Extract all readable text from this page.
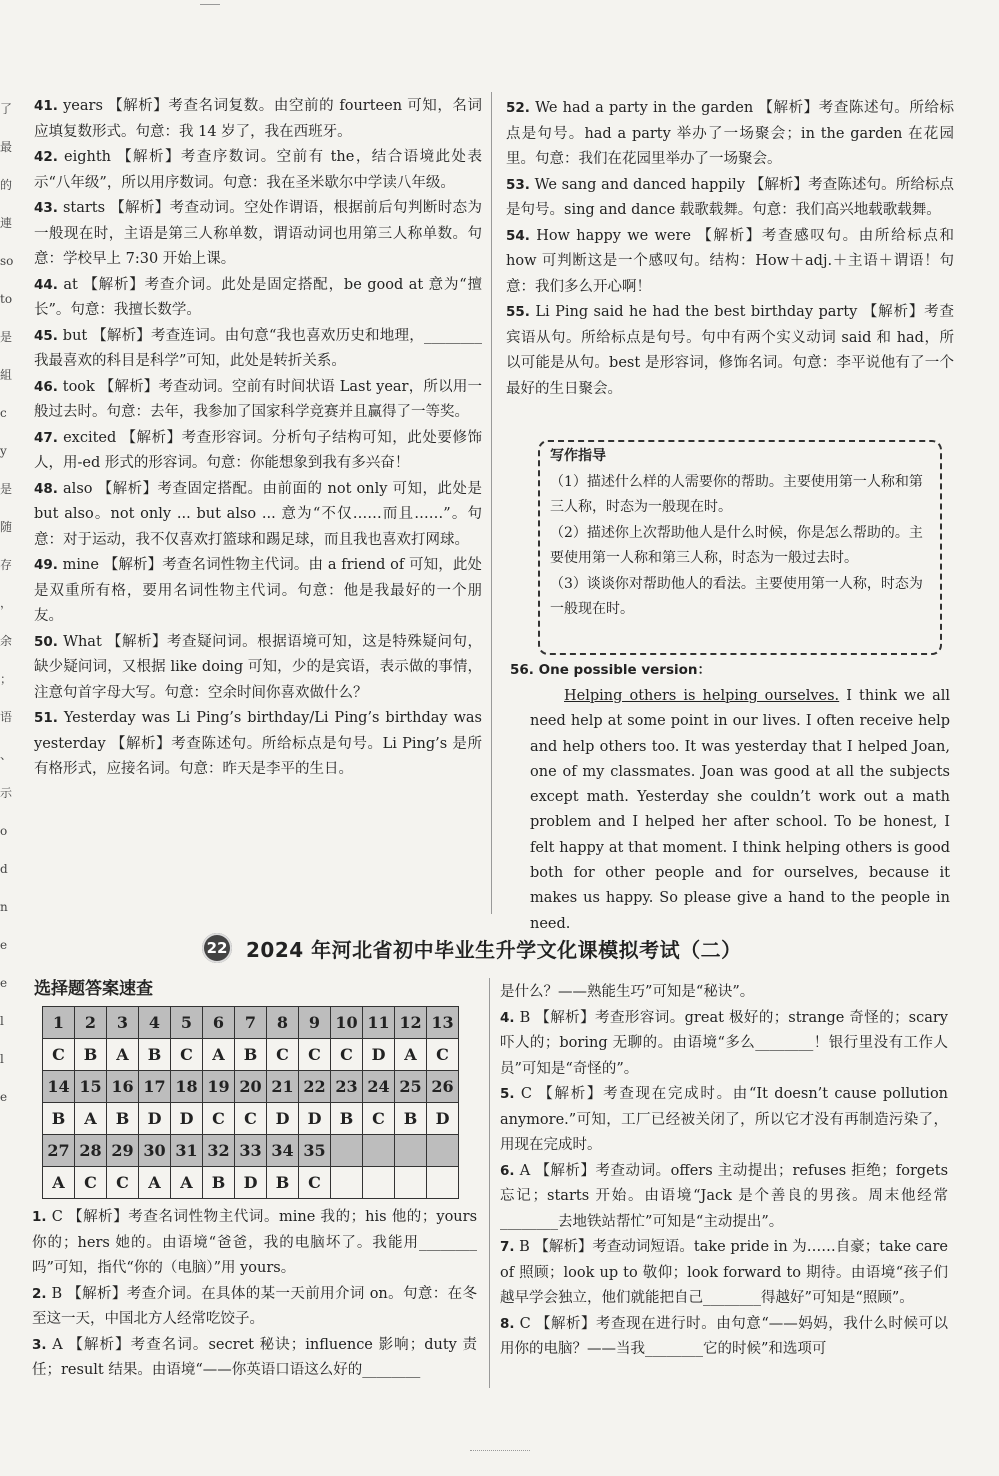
了
最
的
連
so
to
是
組
c
y
是
随
存
，
余
；
语
、
示
o
d
n
e
e
l
l
e

41. years 【解析】考查名词复数。由空前的 fourteen 可知，名词应填复数形式。句意：我 14 岁了，我在西班牙。

42. eighth 【解析】考查序数词。空前有 the，结合语境此处表示“八年级”，所以用序数词。句意：我在圣米歇尔中学读八年级。

43. starts 【解析】考查动词。空处作谓语，根据前后句判断时态为一般现在时，主语是第三人称单数，谓语动词也用第三人称单数。句意：学校早上 7:30 开始上课。

44. at 【解析】考查介词。此处是固定搭配，be good at 意为“擅长”。句意：我擅长数学。

45. but 【解析】考查连词。由句意“我也喜欢历史和地理，________我最喜欢的科目是科学”可知，此处是转折关系。

46. took 【解析】考查动词。空前有时间状语 Last year，所以用一般过去时。句意：去年，我参加了国家科学竞赛并且赢得了一等奖。

47. excited 【解析】考查形容词。分析句子结构可知，此处要修饰人，用-ed 形式的形容词。句意：你能想象到我有多兴奋！

48. also 【解析】考查固定搭配。由前面的 not only 可知，此处是 but also。not only ... but also ... 意为“不仅……而且……”。句意：对于运动，我不仅喜欢打篮球和踢足球，而且我也喜欢打网球。

49. mine 【解析】考查名词性物主代词。由 a friend of 可知，此处是双重所有格，要用名词性物主代词。句意：他是我最好的一个朋友。

50. What 【解析】考查疑问词。根据语境可知，这是特殊疑问句，缺少疑问词，又根据 like doing 可知，少的是宾语，表示做的事情，注意句首字母大写。句意：空余时间你喜欢做什么？

51. Yesterday was Li Ping’s birthday/Li Ping’s birthday was yesterday 【解析】考查陈述句。所给标点是句号。Li Ping’s 是所有格形式，应接名词。句意：昨天是李平的生日。

52. We had a party in the garden 【解析】考查陈述句。所给标点是句号。had a party 举办了一场聚会；in the garden 在花园里。句意：我们在花园里举办了一场聚会。

53. We sang and danced happily 【解析】考查陈述句。所给标点是句号。sing and dance 载歌载舞。句意：我们高兴地载歌载舞。

54. How happy we were 【解析】考查感叹句。由所给标点和 how 可判断这是一个感叹句。结构：How＋adj.＋主语＋谓语！句意：我们多么开心啊！

55. Li Ping said he had the best birthday party 【解析】考查宾语从句。所给标点是句号。句中有两个实义动词 said 和 had，所以可能是从句。best 是形容词，修饰名词。句意：李平说他有了一个最好的生日聚会。

写作指导

（1）描述什么样的人需要你的帮助。主要使用第一人称和第三人称，时态为一般现在时。

（2）描述你上次帮助他人是什么时候，你是怎么帮助的。主要使用第一人称和第三人称，时态为一般过去时。

（3）谈谈你对帮助他人的看法。主要使用第一人称，时态为一般现在时。

56. One possible version：
Helping others is helping ourselves. I think we all need help at some point in our lives. I often receive help and help others too. It was yesterday that I helped Joan, one of my classmates. Joan was good at all the subjects except math. Yesterday she couldn’t work out a math problem and I helped her after school. To be honest, I felt happy at that moment. I think helping others is good both for other people and for ourselves, because it makes us happy. So please give a hand to the people in need.
22 2024 年河北省初中毕业生升学文化课模拟考试（二）
选择题答案速查
1	2	3	4	5	6	7	8	9	10	11	12	13
C	B	A	B	C	A	B	C	C	C	D	A	C
14	15	16	17	18	19	20	21	22	23	24	25	26
B	A	B	D	D	C	C	D	D	B	C	B	D
27	28	29	30	31	32	33	34	35				
A	C	C	A	A	B	D	B	C				

1. C 【解析】考查名词性物主代词。mine 我的；his 他的；yours 你的；hers 她的。由语境“爸爸，我的电脑坏了。我能用________吗”可知，指代“你的（电脑）”用 yours。

2. B 【解析】考查介词。在具体的某一天前用介词 on。句意：在冬至这一天，中国北方人经常吃饺子。

3. A 【解析】考查名词。secret 秘诀；influence 影响；duty 责任；result 结果。由语境“——你英语口语这么好的________

是什么？——熟能生巧”可知是“秘诀”。

4. B 【解析】考查形容词。great 极好的；strange 奇怪的；scary 吓人的；boring 无聊的。由语境“多么________！银行里没有工作人员”可知是“奇怪的”。

5. C 【解析】考查现在完成时。由“It doesn’t cause pollution anymore.”可知，工厂已经被关闭了，所以它才没有再制造污染了，用现在完成时。

6. A 【解析】考查动词。offers 主动提出；refuses 拒绝；forgets 忘记；starts 开始。由语境“Jack 是个善良的男孩。周末他经常________去地铁站帮忙”可知是“主动提出”。

7. B 【解析】考查动词短语。take pride in 为……自豪；take care of 照顾；look up to 敬仰；look forward to 期待。由语境“孩子们越早学会独立，他们就能把自己________得越好”可知是“照顾”。

8. C 【解析】考查现在进行时。由句意“——妈妈，我什么时候可以用你的电脑？——当我________它的时候”和选项可
